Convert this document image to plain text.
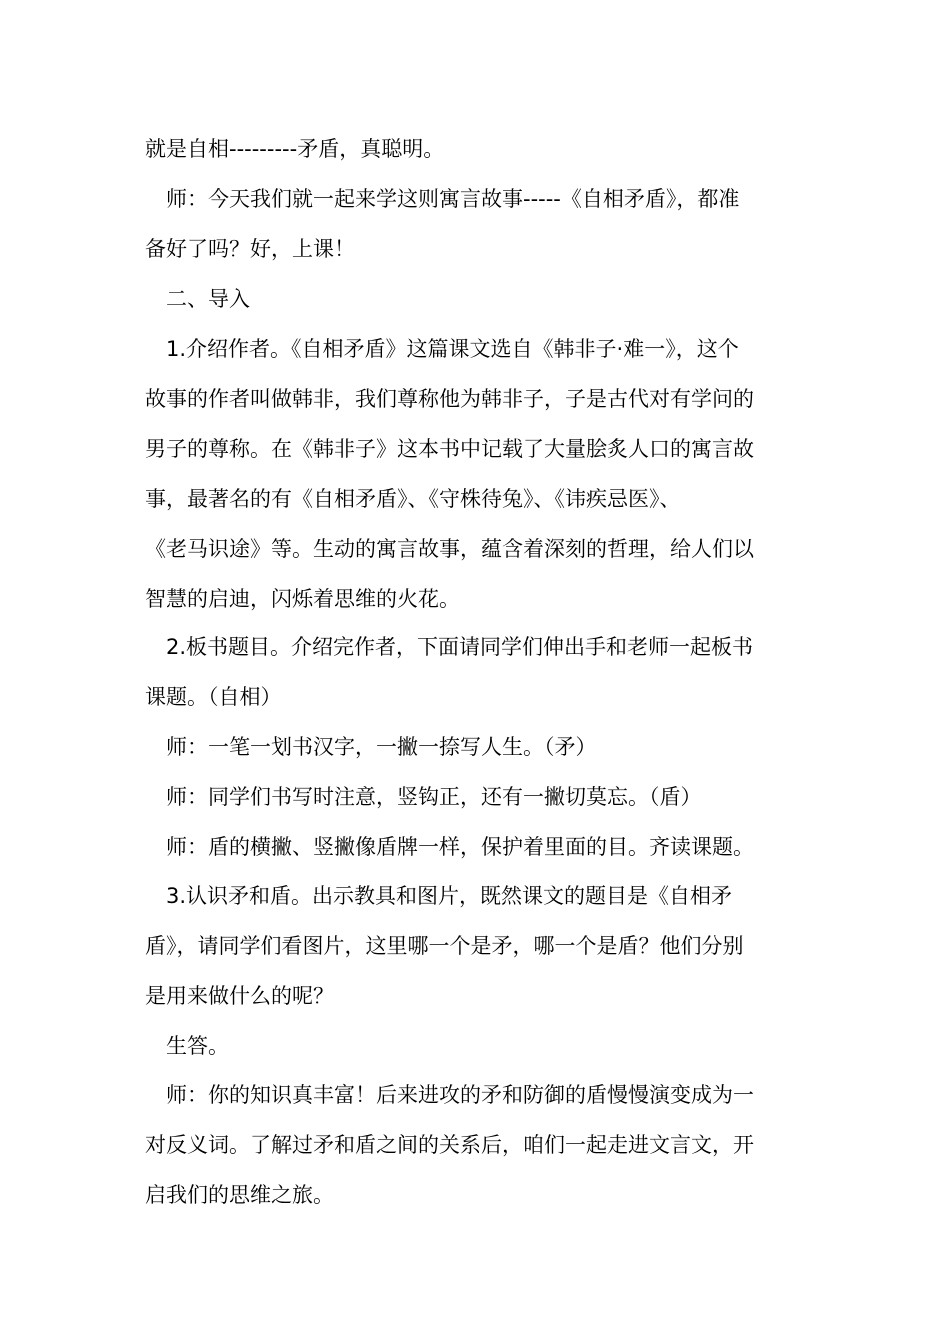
就是自相---------矛盾，真聪明。
　师：今天我们就一起来学这则寓言故事-----《自相矛盾》，都准
备好了吗？好，上课！
　二、导入
　1.介绍作者。《自相矛盾》这篇课文选自《韩非子·难一》，这个
故事的作者叫做韩非，我们尊称他为韩非子，子是古代对有学问的
男子的尊称。在《韩非子》这本书中记载了大量脍炙人口的寓言故
事，最著名的有《自相矛盾》、《守株待兔》、《讳疾忌医》、
《老马识途》等。生动的寓言故事，蕴含着深刻的哲理，给人们以
智慧的启迪，闪烁着思维的火花。
　2.板书题目。介绍完作者，下面请同学们伸出手和老师一起板书
课题。（自相）
　师：一笔一划书汉字，一撇一捺写人生。（矛）
　师：同学们书写时注意，竖钩正，还有一撇切莫忘。（盾）
　师：盾的横撇、竖撇像盾牌一样，保护着里面的目。齐读课题。
　3.认识矛和盾。出示教具和图片，既然课文的题目是《自相矛
盾》，请同学们看图片，这里哪一个是矛，哪一个是盾？他们分别
是用来做什么的呢？
　生答。
　师：你的知识真丰富！后来进攻的矛和防御的盾慢慢演变成为一
对反义词。了解过矛和盾之间的关系后，咱们一起走进文言文，开
启我们的思维之旅。
